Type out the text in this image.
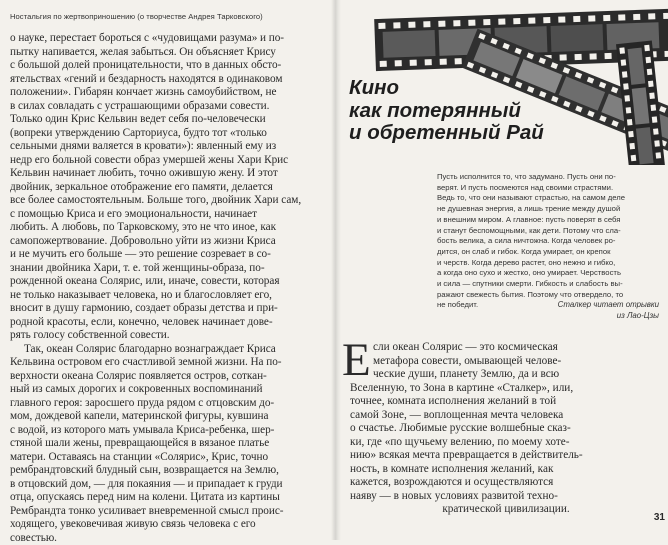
Ностальгия по жертвоприношению (о творчестве Андрея Тарковского)
о науке, перестает бороться с «чудовищами разума» и по-
пытку напивается, желая забыться. Он объясняет Крису
с большой долей проницательности, что в данных обсто-
ятельствах «гений и бездарность находятся в одинаковом
положении». Гибарян кончает жизнь самоубийством, не
в силах совладать с устрашающими образами совести.
Только один Крис Кельвин ведет себя по-человечески
(вопреки утверждению Сарториуса, будто тот «только
сельными днями валяется в кровати»): явленный ему из
недр его больной совести образ умершей жены Хари Крис
Кельвин начинает любить, точно ожившую жену. И этот
двойник, зеркальное отображение его памяти, делается
все более самостоятельным. Больше того, двойник Хари сам,
с помощью Криса и его эмоциональности, начинает
любить. А любовь, по Тарковскому, это не что иное, как
самопожертвование. Добровольно уйти из жизни Криса
и не мучить его больше — это решение созревает в со-
знании двойника Хари, т. е. той женщины-образа, по-
рожденной океана Солярис, или, иначе, совести, которая
не только наказывает человека, но и благословляет его,
вносит в душу гармонию, создает образы детства и при-
родной красоты, если, конечно, человек начинает дове-
рять голосу собственной совести.
Так, океан Солярис благодарно вознаграждает Криса
Кельвина островом его счастливой земной жизни. На по-
верхности океана Солярис появляется остров, соткан-
ный из самых дорогих и сокровенных воспоминаний
главного героя: заросшего пруда рядом с отцовским до-
мом, дождевой капели, материнской фигуры, кувшина
с водой, из которого мать умывала Криса-ребенка, шер-
стяной шали жены, превращающейся в вязаное платье
матери. Оставаясь на станции «Солярис», Крис, точно
рембрандтовский блудный сын, возвращается на Землю,
в отцовский дом, — для покаяния — и припадает к груди
отца, опускаясь перед ним на колени. Цитата из картины
Рембрандта тонко усиливает вневременной смысл проис-
ходящего, увековечивая живую связь человека с его
совестью.
Кино
как потерянный
и обретенный Рай
Пусть исполнится то, что задумано. Пусть они по-
верят. И пусть посмеются над своими страстями.
Ведь то, что они называют страстью, на самом деле
не душевная энергия, а лишь трение между душой
и внешним миром. А главное: пусть поверят в себя
и станут беспомощными, как дети. Потому что сла-
бость велика, а сила ничтожна. Когда человек ро-
дится, он слаб и гибок. Когда умирает, он крепок
и черств. Когда дерево растет, оно нежно и гибко,
а когда оно сухо и жестко, оно умирает. Черствость
и сила — спутники смерти. Гибкость и слабость вы-
ражают свежесть бытия. Поэтому что отвердело, то
не победит.	Сталкер читает отрывки
из Лао-Цзы
Е сли океан Солярис — это космическая
метафора совести, омывающей челове-
ческие души, планету Землю, да и всю
Вселенную, то Зона в картине «Сталкер», или,
точнее, комната исполнения желаний в той
самой Зоне, — воплощенная мечта человека
о счастье. Любимые русские волшебные сказ-
ки, где «по щучьему велению, по моему хоте-
нию» всякая мечта превращается в действитель-
ность, в комнате исполнения желаний, как
кажется, возрождаются и осуществляются
наяву — в новых условиях развитой техно-
кратической цивилизации.
31
